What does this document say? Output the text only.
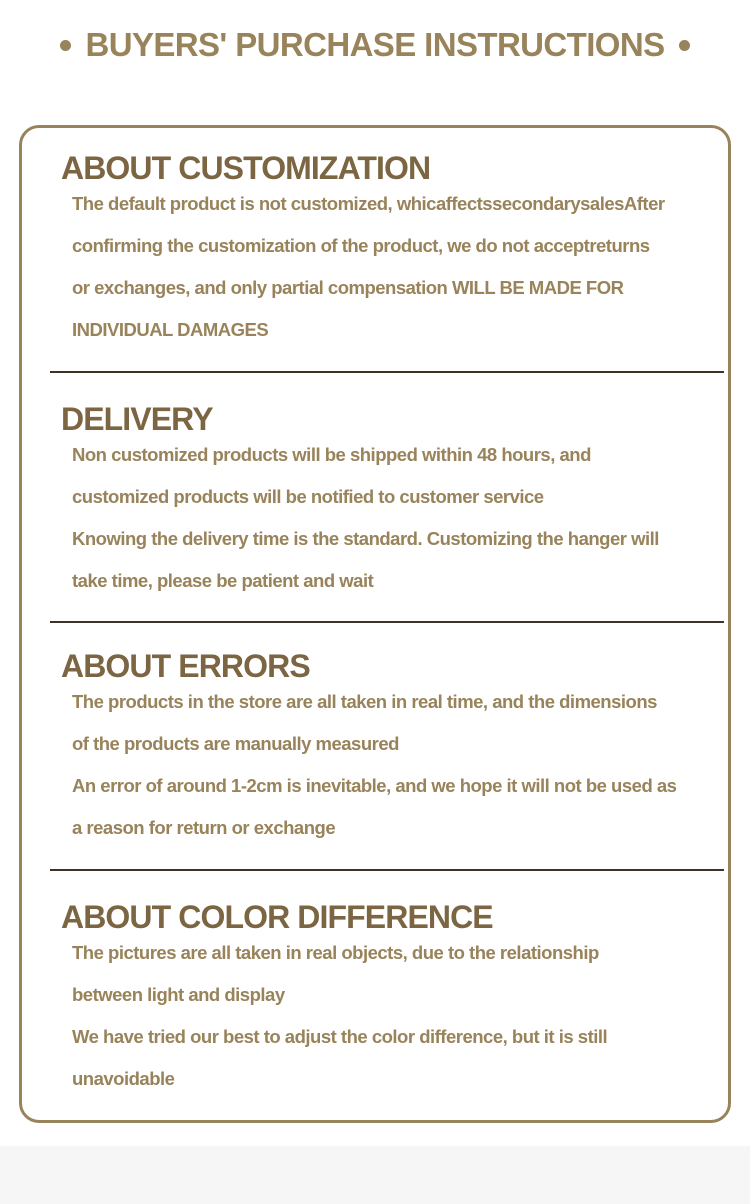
BUYERS' PURCHASE INSTRUCTIONS
ABOUT CUSTOMIZATION
The default product is not customized, whicaffectssecondarysalesAfter
confirming the customization of the product, we do not acceptreturns
or exchanges, and only partial compensation WILL BE MADE FOR
INDIVIDUAL DAMAGES
DELIVERY
Non customized products will be shipped within 48 hours, and
customized products will be notified to customer service
Knowing the delivery time is the standard. Customizing the hanger will
take time, please be patient and wait
ABOUT ERRORS
The products in the store are all taken in real time, and the dimensions
of the products are manually measured
An error of around 1-2cm is inevitable, and we hope it will not be used as
a reason for return or exchange
ABOUT COLOR DIFFERENCE
The pictures are all taken in real objects, due to the relationship
between light and display
We have tried our best to adjust the color difference, but it is still
unavoidable
